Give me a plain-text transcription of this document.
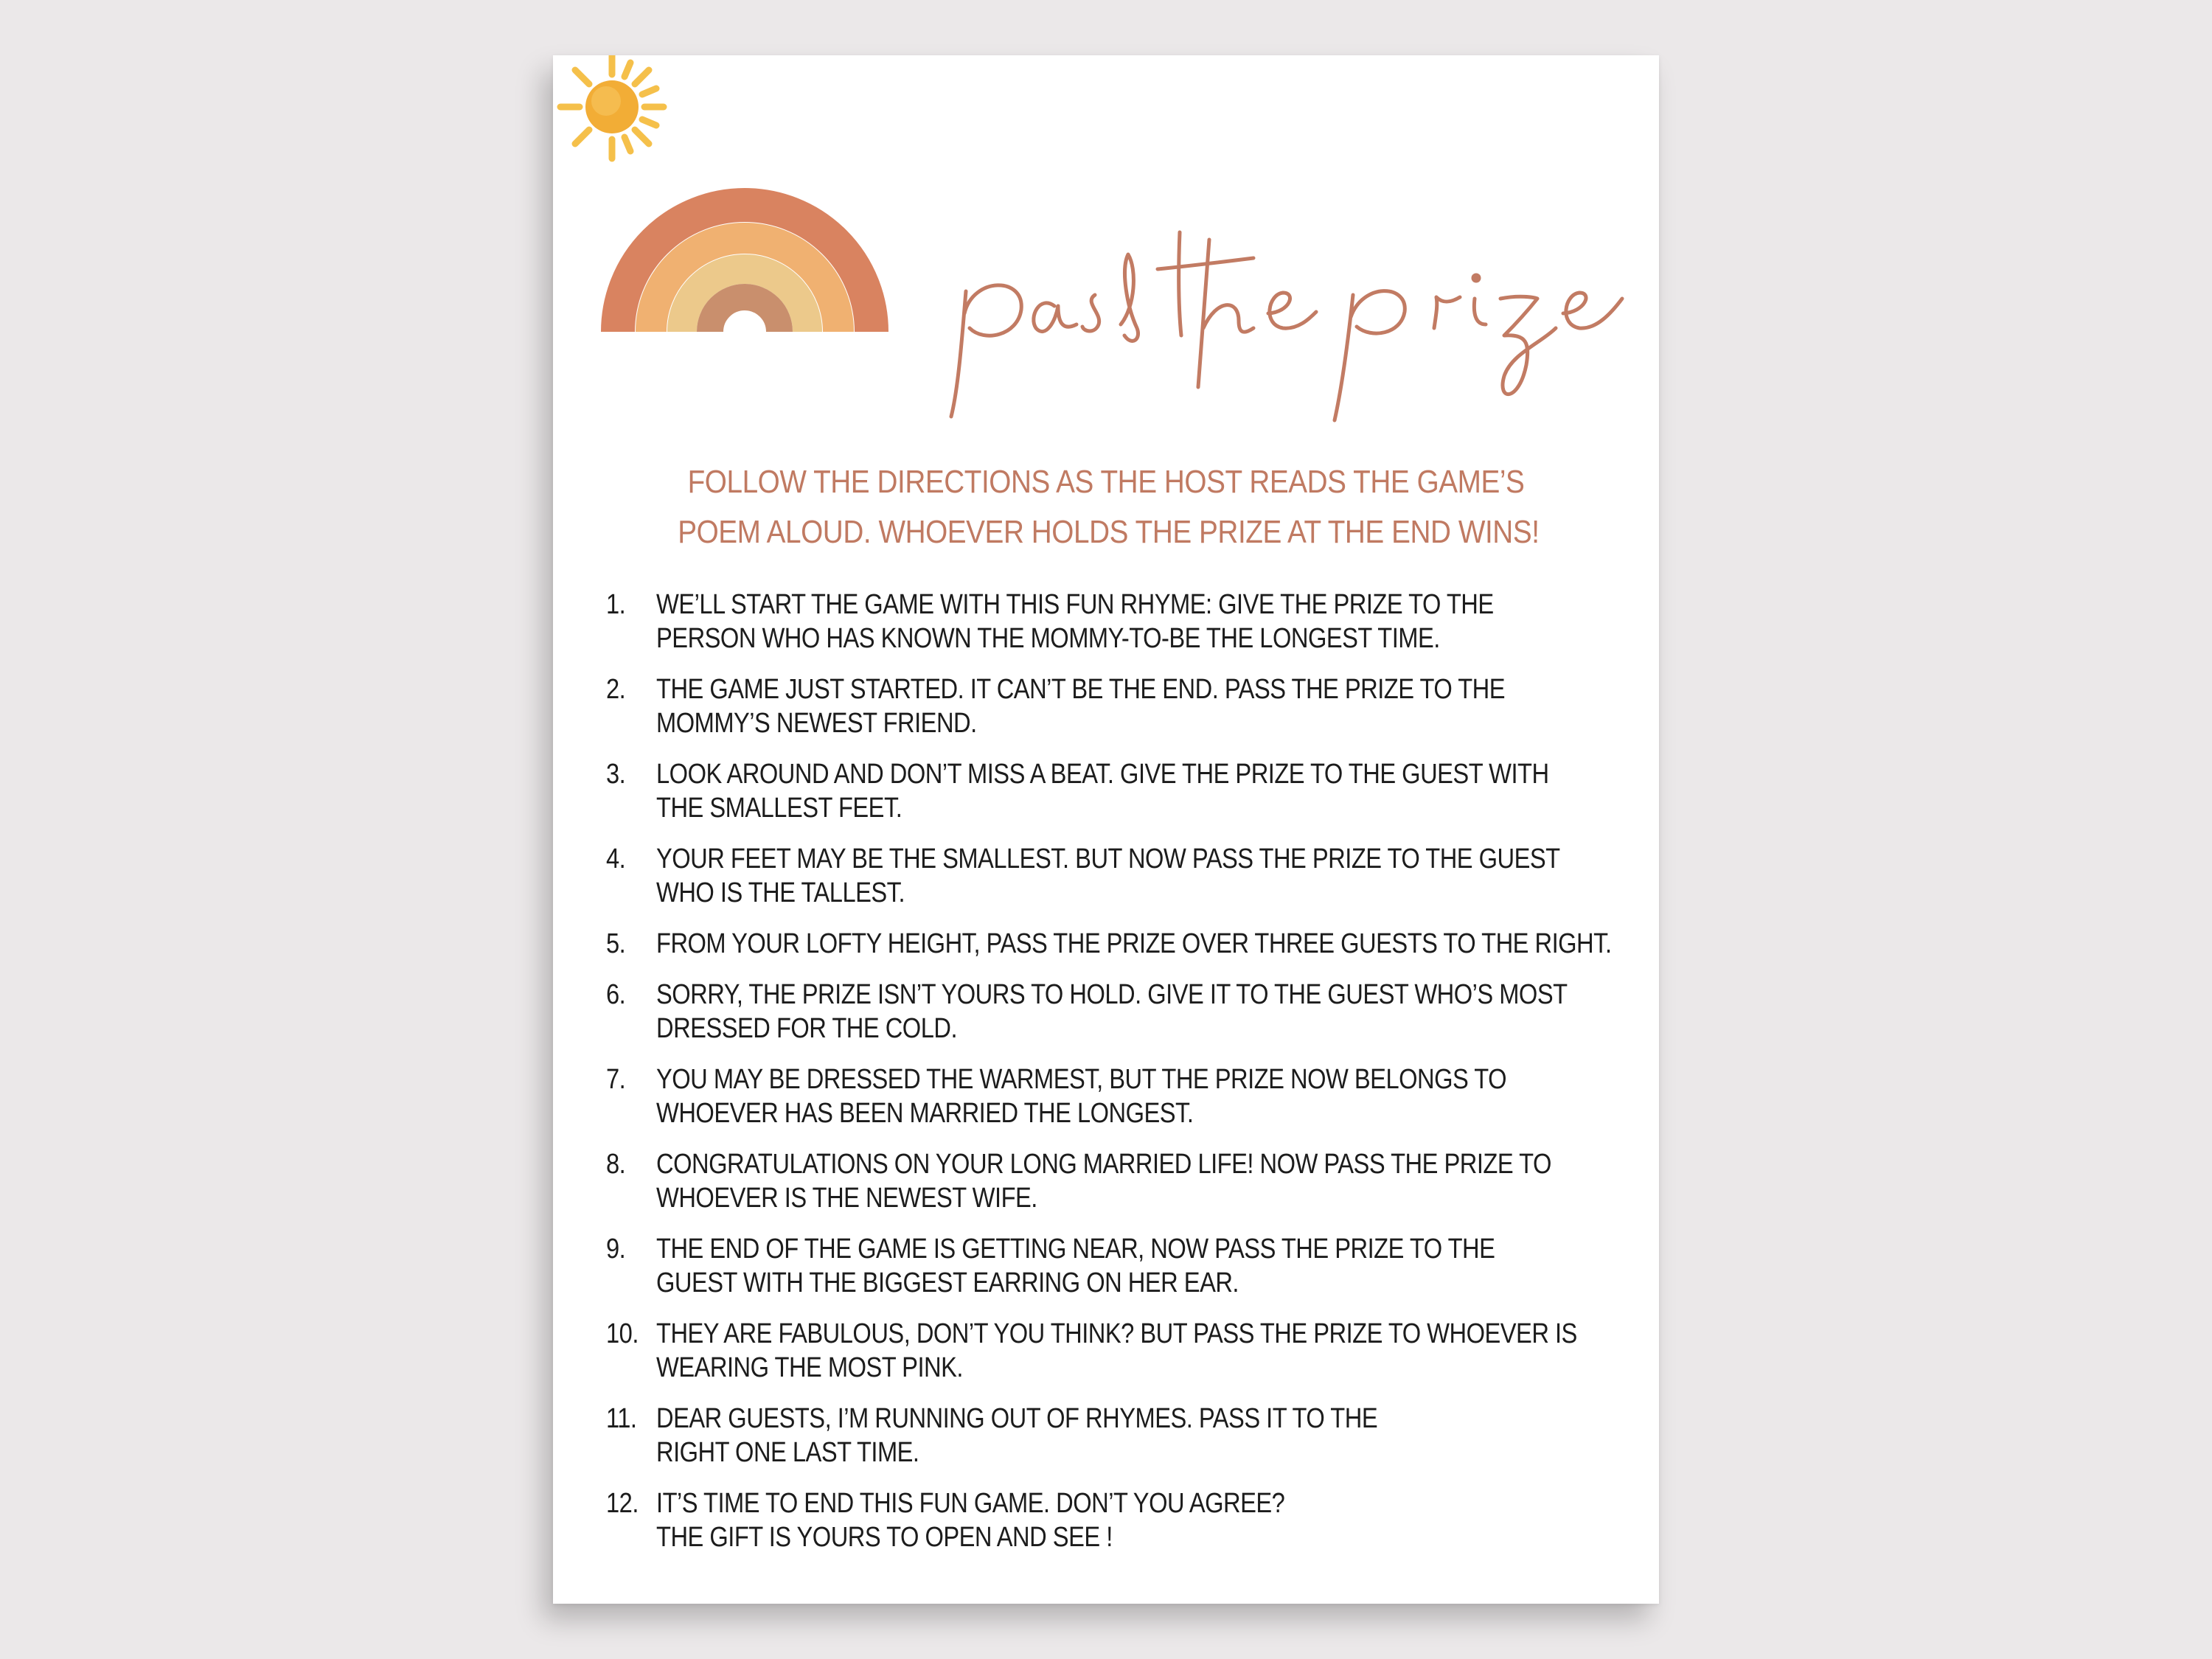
FOLLOW THE DIRECTIONS AS THE HOST READS THE GAME’S
POEM ALOUD. WHOEVER HOLDS THE PRIZE AT THE END WINS!
1.	WE’LL START THE GAME WITH THIS FUN RHYME: GIVE THE PRIZE TO THE
PERSON WHO HAS KNOWN THE MOMMY-TO-BE THE LONGEST TIME.
2.	THE GAME JUST STARTED. IT CAN’T BE THE END. PASS THE PRIZE TO THE
MOMMY’S NEWEST FRIEND.
3.	LOOK AROUND AND DON’T MISS A BEAT. GIVE THE PRIZE TO THE GUEST WITH
THE SMALLEST FEET.
4.	YOUR FEET MAY BE THE SMALLEST. BUT NOW PASS THE PRIZE TO THE GUEST
WHO IS THE TALLEST.
5.	FROM YOUR LOFTY HEIGHT, PASS THE PRIZE OVER THREE GUESTS TO THE RIGHT.
6.	SORRY, THE PRIZE ISN’T YOURS TO HOLD. GIVE IT TO THE GUEST WHO’S MOST
DRESSED FOR THE COLD.
7.	YOU MAY BE DRESSED THE WARMEST, BUT THE PRIZE NOW BELONGS TO
WHOEVER HAS BEEN MARRIED THE LONGEST.
8.	CONGRATULATIONS ON YOUR LONG MARRIED LIFE! NOW PASS THE PRIZE TO
WHOEVER IS THE NEWEST WIFE.
9.	THE END OF THE GAME IS GETTING NEAR, NOW PASS THE PRIZE TO THE
GUEST WITH THE BIGGEST EARRING ON HER EAR.
10. THEY ARE FABULOUS, DON’T YOU THINK? BUT PASS THE PRIZE TO WHOEVER IS
WEARING THE MOST PINK.
11. DEAR GUESTS, I’M RUNNING OUT OF RHYMES. PASS IT TO THE
RIGHT ONE LAST TIME.
12. IT’S TIME TO END THIS FUN GAME. DON’T YOU AGREE?
THE GIFT IS YOURS TO OPEN AND SEE !
